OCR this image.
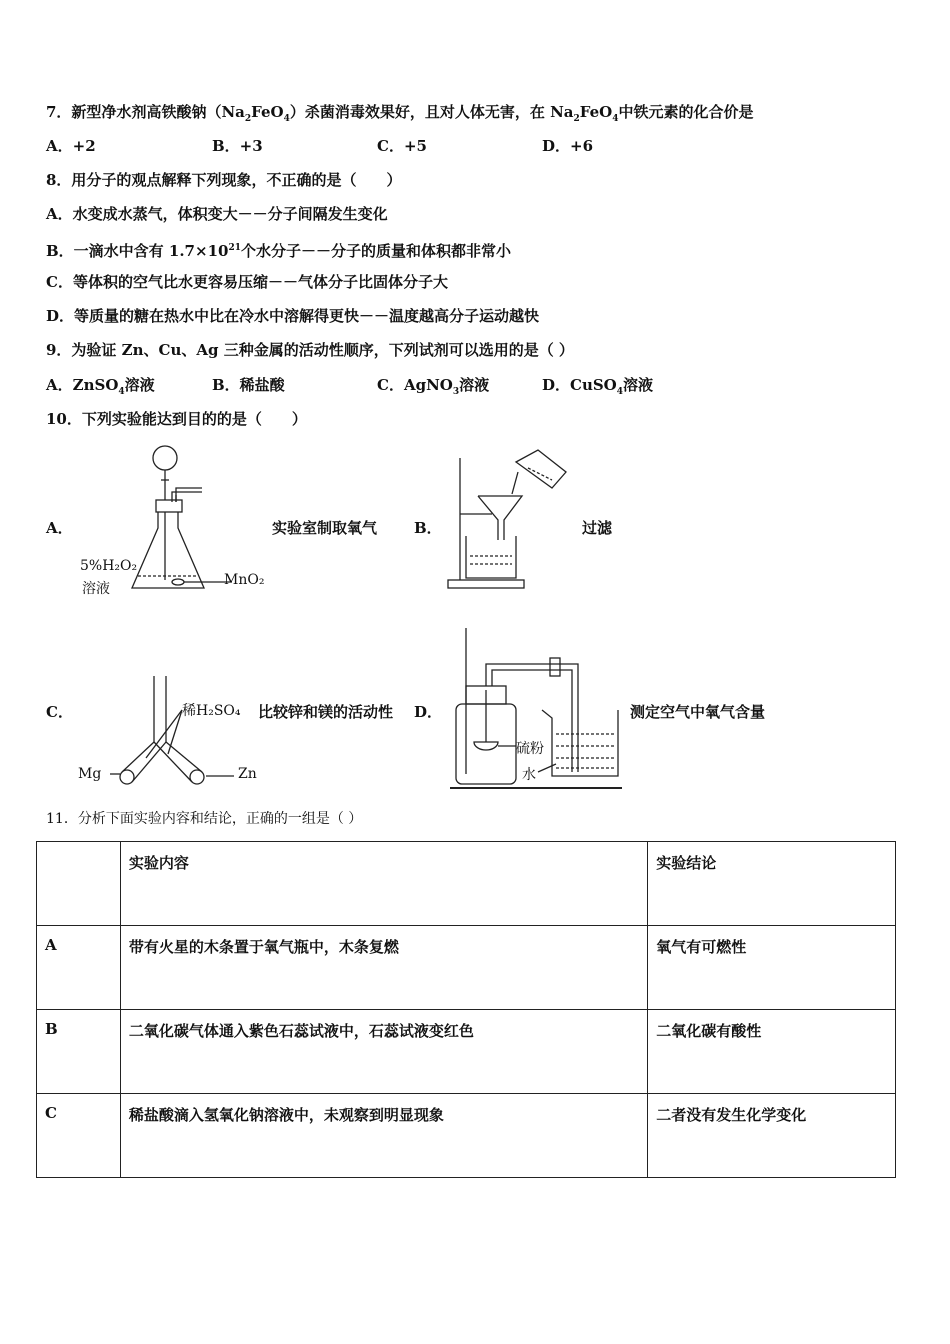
7．新型净水剂高铁酸钠$(Na_2FeO_4)$杀菌消毒效果好，且对人体无害，在 $Na_2FeO_4$中铁元素的化合价是
A．+2	B．+3	C．+5	D．+6
8．用分子的观点解释下列现象，不正确的是（　　）
A．水变成水蒸气，体积变大－－分子间隔发生变化
B．一滴水中含有 $1.7\times 10^{21}$个水分子－－分子的质量和体积都非常小
C．等体积的空气比水更容易压缩－－气体分子比固体分子大
D．等质量的糖在热水中比在冷水中溶解得更快－－温度越高分子运动越快
9．为验证 Zn、Cu、Ag 三种金属的活动性顺序，下列试剂可以选用的是（ ）
A．ZnSO$_4$溶液	B．稀盐酸	C．AgNO$_3$溶液	D．CuSO$_4$溶液
10．下列实验能达到目的的是（　　）
A．
5%H₂O₂
溶液
MnO₂
实验室制取氧气 B．	过滤
C．	稀H₂SO₄
Mg	Zn
比较锌和镁的活动性 D．
硫粉
水
测定空气中氧气含量
11．分析下面实验内容和结论，正确的一组是（ ）
	实验内容	实验结论
A	带有火星的木条置于氧气瓶中，木条复燃	氧气有可燃性
B	二氧化碳气体通入紫色石蕊试液中，石蕊试液变红色	二氧化碳有酸性
C	稀盐酸滴入氢氧化钠溶液中，未观察到明显现象	二者没有发生化学变化
